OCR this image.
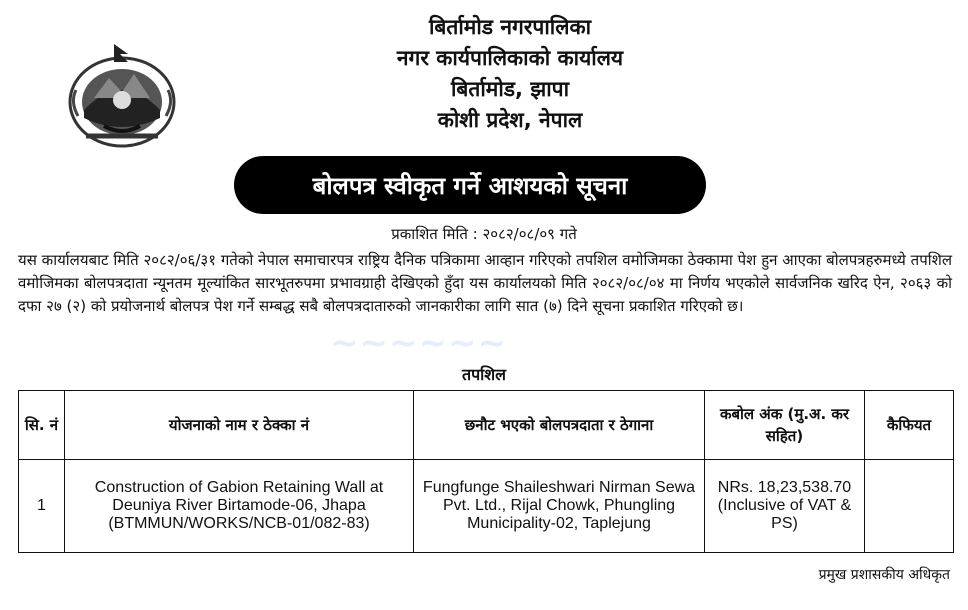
बिर्तामोड नगरपालिका
नगर कार्यपालिकाको कार्यालय
बिर्तामोड, झापा
कोशी प्रदेश, नेपाल
बोलपत्र स्वीकृत गर्ने आशयको सूचना
प्रकाशित मिति : २०८२/०८/०९ गते
यस कार्यालयबाट मिति २०८२/०६/३१ गतेको नेपाल समाचारपत्र राष्ट्रिय दैनिक पत्रिकामा आव्हान गरिएको तपशिल वमोजिमका ठेक्कामा पेश हुन आएका बोलपत्रहरुमध्ये तपशिल वमोजिमका बोलपत्रदाता न्यूनतम मूल्यांकित सारभूतरुपमा प्रभावग्राही देखिएको हुँदा यस कार्यालयको मिति २०८२/०८/०४ मा निर्णय भएकोले सार्वजनिक खरिद ऐन, २०६३ को दफा २७ (२) को प्रयोजनार्थ बोलपत्र पेश गर्ने सम्बद्ध सबै बोलपत्रदातारुको जानकारीका लागि सात (७) दिने सूचना प्रकाशित गरिएको छ।
~~~~~~
तपशिल
सि. नं	योजनाको नाम र ठेक्का नं	छनौट भएको बोलपत्रदाता र ठेगाना	कबोल अंक (मु.अ. कर सहित)	कैफियत
1	Construction of Gabion Retaining Wall at Deuniya River Birtamode-06, Jhapa (BTMMUN/WORKS/NCB-01/082-83)	Fungfunge Shaileshwari Nirman Sewa Pvt. Ltd., Rijal Chowk, Phungling Municipality-02, Taplejung	NRs. 18,23,538.70 (Inclusive of VAT & PS)	
प्रमुख प्रशासकीय अधिकृत
